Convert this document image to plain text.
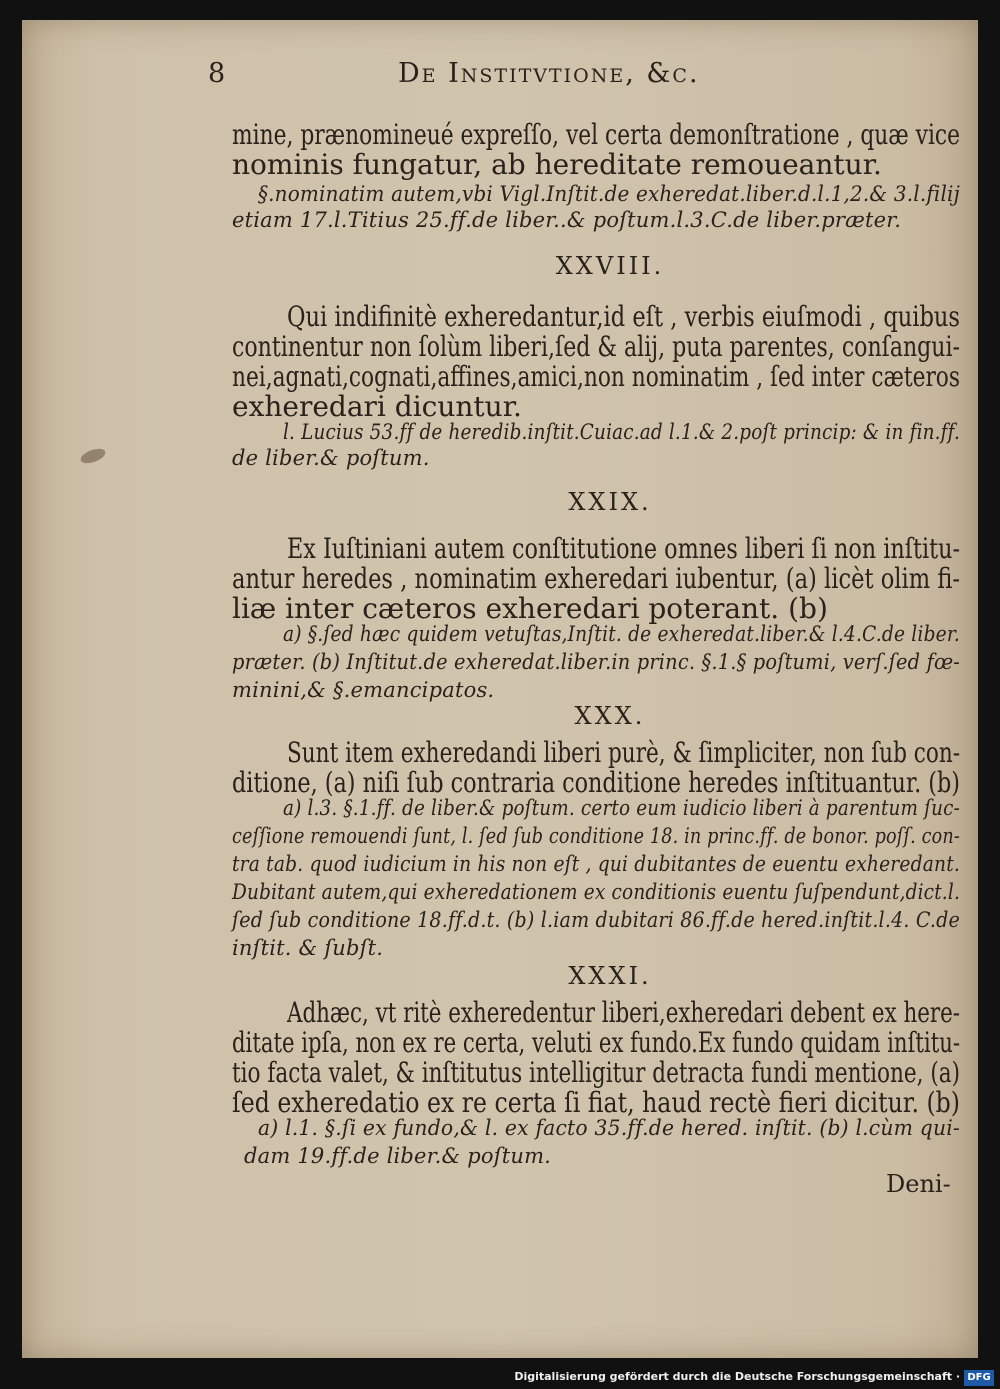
8	De Institvtione, &c.
mine, prænomineué expreſſo, vel certa demonſtratione , quæ vice
nominis fungatur, ab hereditate remoueantur.
§.nominatim autem,vbi Vigl.Inſtit.de exheredat.liber.d.l.1,2.& 3.l.filij
etiam 17.l.Titius 25.ff.de liber..& poſtum.l.3.C.de liber.præter.
XXVIII.
Qui indifinitè exheredantur,id eſt , verbis eiuſmodi , quibus
continentur non ſolùm liberi,ſed & alij, puta parentes, conſangui-
nei,agnati,cognati,affines,amici,non nominatim , ſed inter cæteros
exheredari dicuntur.
l. Lucius 53.ff de heredib.inſtit.Cuiac.ad l.1.& 2.poſt princip: & in fin.ff.
de liber.& poſtum.
XXIX.
Ex Iuſtiniani autem conſtitutione omnes liberi ſi non inſtitu-
antur heredes , nominatim exheredari iubentur, (a) licèt olim fi-
liæ inter cæteros exheredari poterant. (b)
a) §.ſed hæc quidem vetuſtas,Inſtit. de exheredat.liber.& l.4.C.de liber.
præter. (b) Inſtitut.de exheredat.liber.in princ. §.1.§ poſtumi, verſ.ſed fœ-
minini,& §.emancipatos.
XXX.
Sunt item exheredandi liberi purè, & ſimpliciter, non ſub con-
ditione, (a) niſi ſub contraria conditione heredes inſtituantur. (b)
a) l.3. §.1.ff. de liber.& poſtum. certo eum iudicio liberi à parentum ſuc-
ceſſione remouendi ſunt, l. ſed ſub conditione 18. in princ.ff. de bonor. poſſ. con-
tra tab. quod iudicium in his non eſt , qui dubitantes de euentu exheredant.
Dubitant autem,qui exheredationem ex conditionis euentu ſuſpendunt,dict.l.
ſed ſub conditione 18.ff.d.t. (b) l.iam dubitari 86.ff.de hered.inſtit.l.4. C.de
inſtit. & ſubſt.
XXXI.
Adhæc, vt ritè exheredentur liberi,exheredari debent ex here-
ditate ipſa, non ex re certa, veluti ex fundo.Ex fundo quidam inſtitu-
tio facta valet, & inſtitutus intelligitur detracta fundi mentione, (a)
ſed exheredatio ex re certa ſi fiat, haud rectè fieri dicitur. (b)
a) l.1. §.ſi ex fundo,& l. ex facto 35.ff.de hered. inſtit. (b) l.cùm qui-
dam 19.ff.de liber.& poſtum.
Deni-
Digitalisierung gefördert durch die Deutsche Forschungsgemeinschaft · DFG
